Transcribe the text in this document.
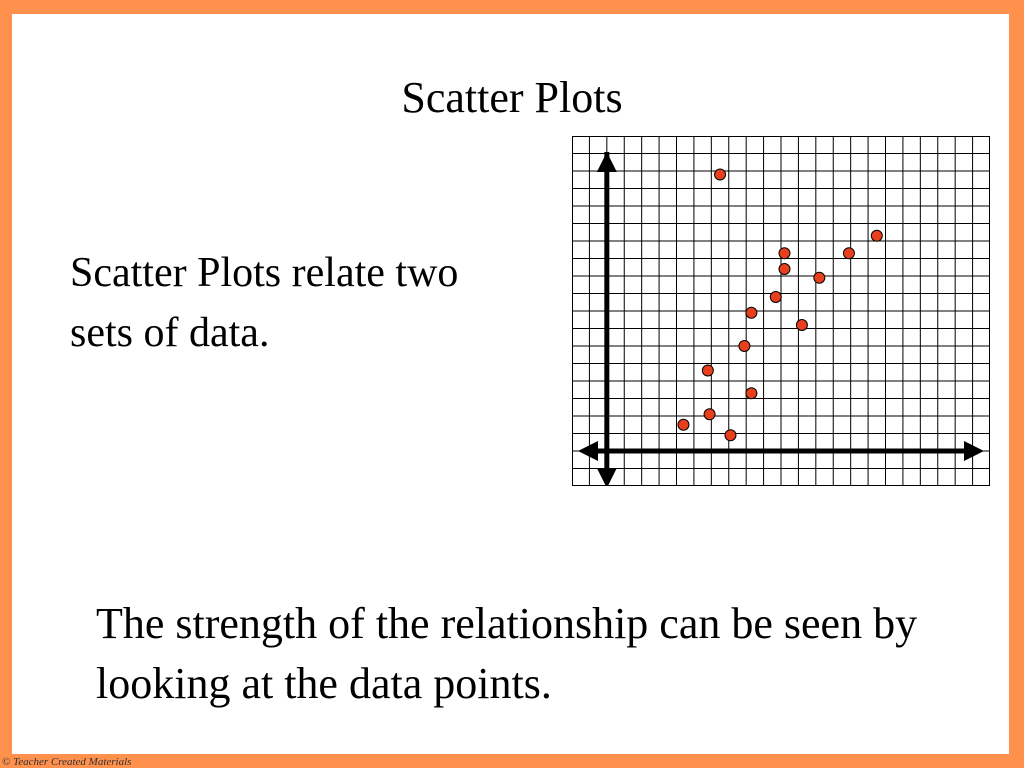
Scatter Plots
Scatter Plots relate two sets of data.
The strength of the relationship can be seen by looking at the data points.
© Teacher Created Materials
